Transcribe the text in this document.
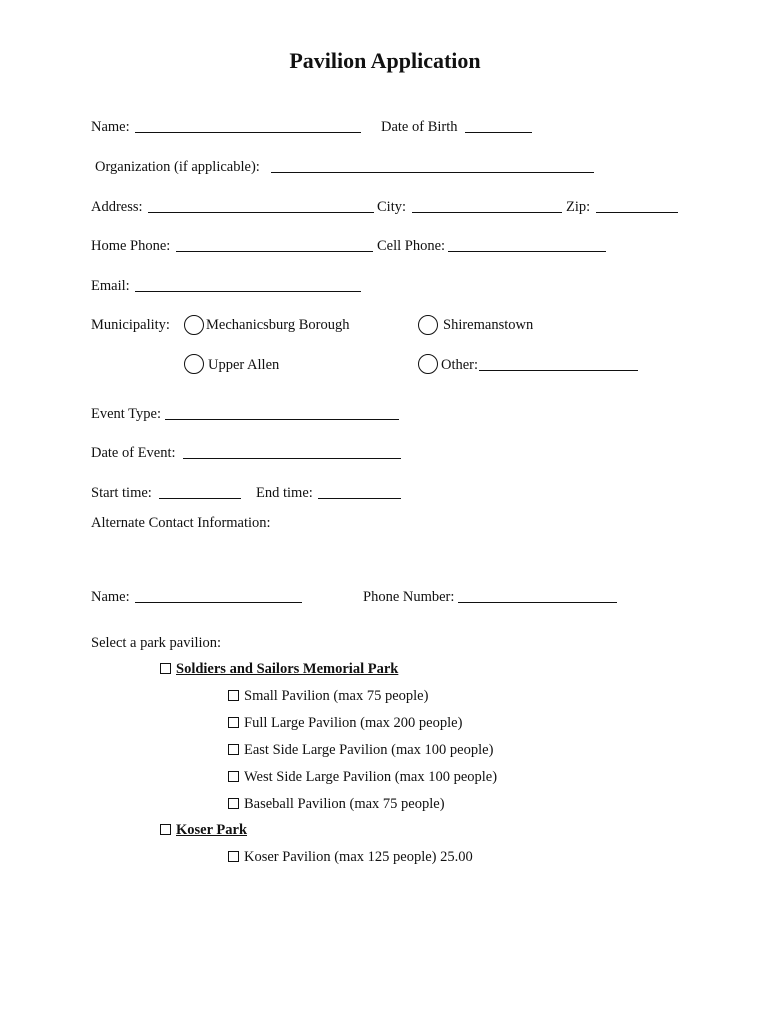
Pavilion Application
Name:	Date of Birth
Organization (if applicable):
Address:	City:	Zip:
Home Phone:	Cell Phone:
Email:
Municipality: Mechanicsburg Borough	Shiremanstown
Upper Allen	Other:
Event Type:
Date of Event:
Start time:	End time:
Alternate Contact Information:
Name:	Phone Number:
Select a park pavilion:
Soldiers and Sailors Memorial Park
Small Pavilion (max 75 people)
Full Large Pavilion (max 200 people)
East Side Large Pavilion (max 100 people)
West Side Large Pavilion (max 100 people)
Baseball Pavilion (max 75 people)
Koser Park
Koser Pavilion (max 125 people) 25.00
